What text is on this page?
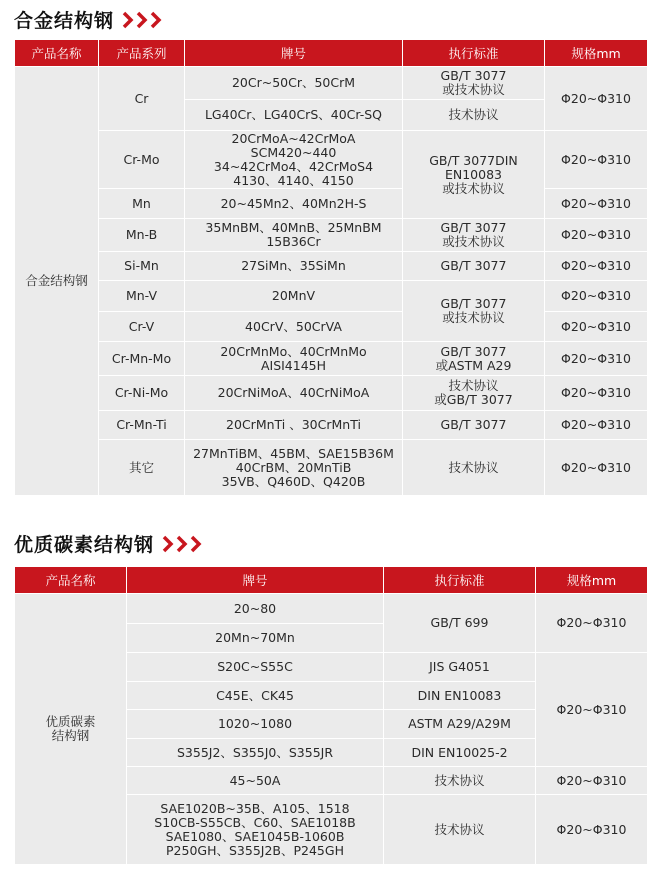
合金结构钢
产品名称	产品系列	牌号	执行标准	规格mm
合金结构钢	Cr	20Cr~50Cr、50CrM	GB/T 3077
或技术协议	Φ20~Φ310
		LG40Cr、LG40CrS、40Cr-SQ	技术协议	
	Cr-Mo	20CrMoA~42CrMoA SCM420~440
34~42CrMo4、42CrMoS4
4130、4140、4150	GB/T 3077DIN
EN10083
或技术协议	Φ20~Φ310
	Mn	20~45Mn2、40Mn2H-S		Φ20~Φ310
	Mn-B	35MnBM、40MnB、25MnBM
15B36Cr	GB/T 3077
或技术协议	Φ20~Φ310
	Si-Mn	27SiMn、35SiMn	GB/T 3077	Φ20~Φ310
	Mn-V	20MnV	GB/T 3077
或技术协议	Φ20~Φ310
	Cr-V	40CrV、50CrVA		Φ20~Φ310
	Cr-Mn-Mo	20CrMnMo、40CrMnMo
AISI4145H	GB/T 3077
或ASTM A29	Φ20~Φ310
	Cr-Ni-Mo	20CrNiMoA、40CrNiMoA	技术协议
或GB/T 3077	Φ20~Φ310
	Cr-Mn-Ti	20CrMnTi 、30CrMnTi	GB/T 3077	Φ20~Φ310
	其它	27MnTiBM、45BM、SAE15B36M
40CrBM、20MnTiB
35VB、Q460D、Q420B	技术协议	Φ20~Φ310
优质碳素结构钢
产品名称	牌号	执行标准	规格mm
优质碳素
结构钢	20~80	GB/T 699	Φ20~Φ310
	20Mn~70Mn		
	S20C~S55C	JIS G4051	Φ20~Φ310
	C45E、CK45	DIN EN10083	
	1020~1080	ASTM A29/A29M	
	S355J2、S355J0、S355JR	DIN EN10025-2	
	45~50A	技术协议	Φ20~Φ310
	SAE1020B~35B、A105、1518
S10CB-S55CB、C60、SAE1018B
SAE1080、SAE1045B-1060B
P250GH、S355J2B、P245GH	技术协议	Φ20~Φ310
